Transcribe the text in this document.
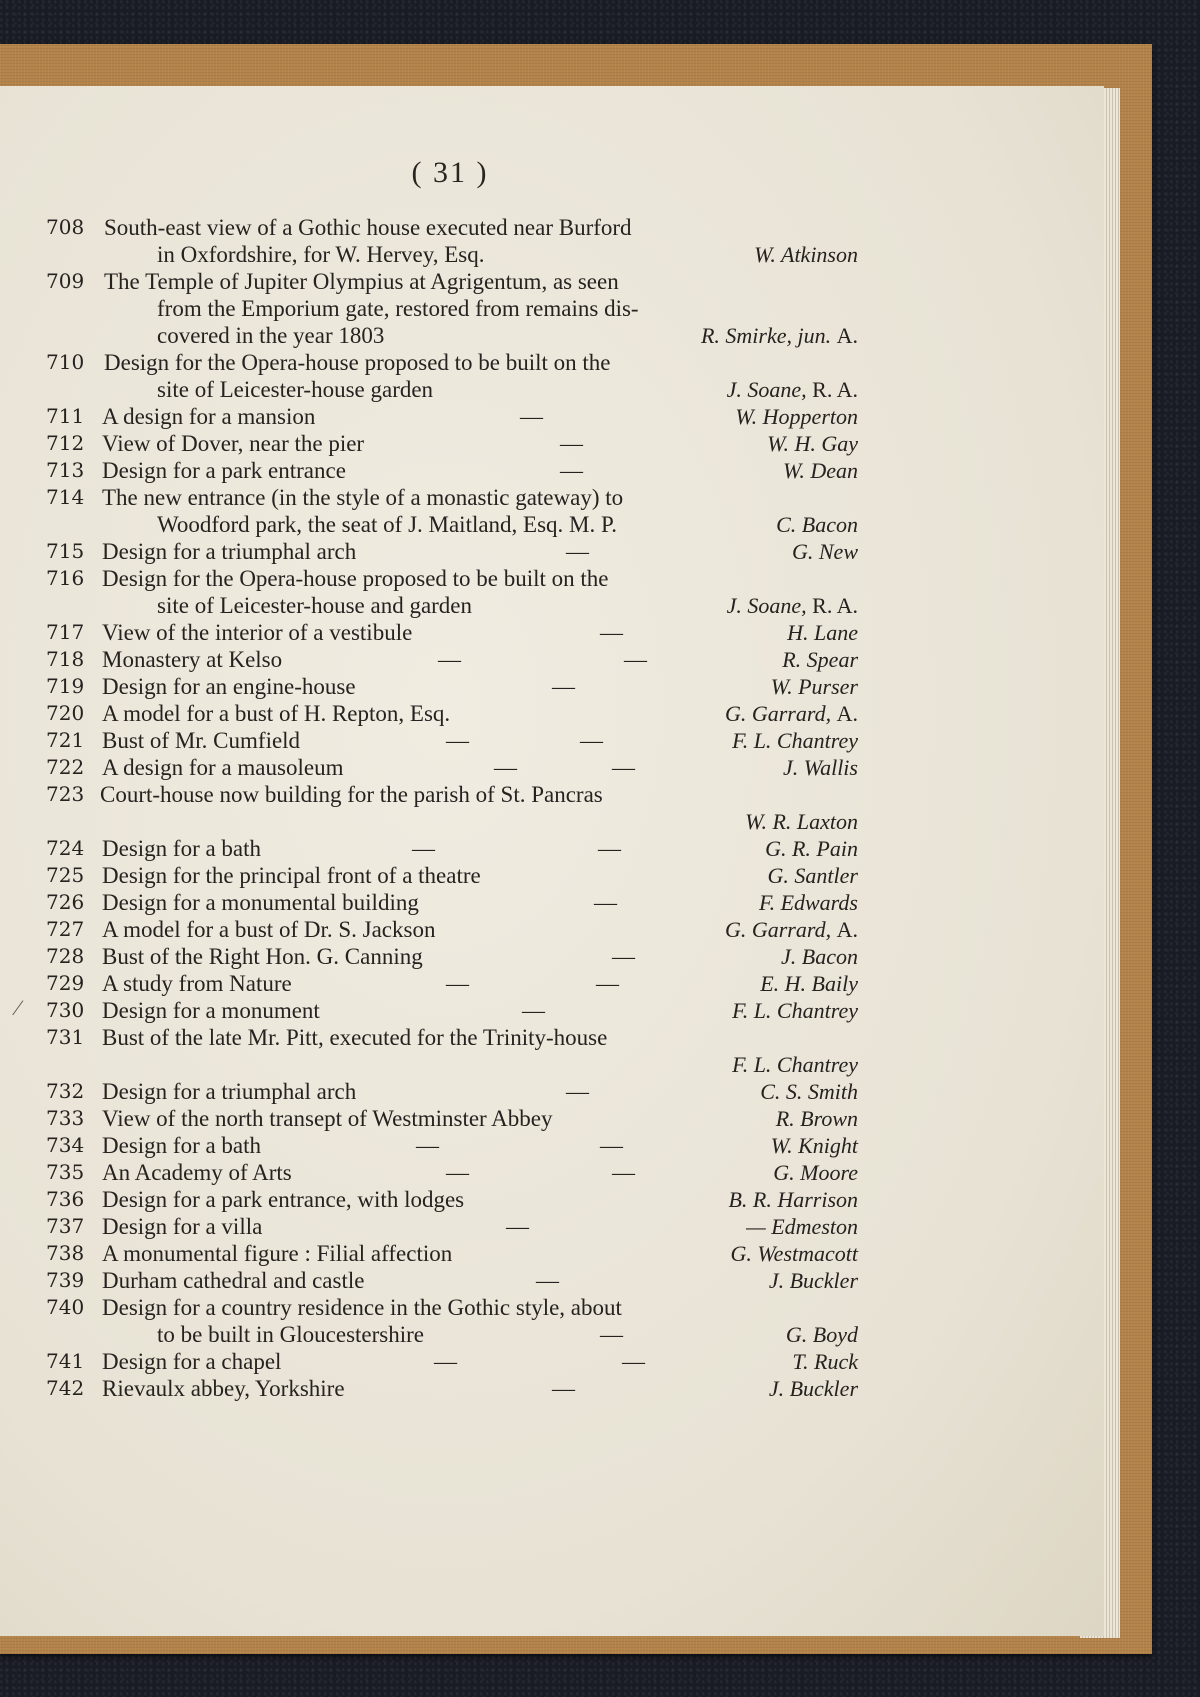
( 31 )
708 South-east view of a Gothic house executed near Burford
in Oxfordshire, for W. Hervey, Esq.	W. Atkinson
709 The Temple of Jupiter Olympius at Agrigentum, as seen
from the Emporium gate, restored from remains dis-
covered in the year 1803	R. Smirke, jun. A.
710 Design for the Opera-house proposed to be built on the
site of Leicester-house garden	J. Soane, R. A.
711 A design for a mansion	—	W. Hopperton
712 View of Dover, near the pier	—	W. H. Gay
713 Design for a park entrance	—	W. Dean
714 The new entrance (in the style of a monastic gateway) to
Woodford park, the seat of J. Maitland, Esq. M. P.	C. Bacon
715 Design for a triumphal arch	—	G. New
716 Design for the Opera-house proposed to be built on the
site of Leicester-house and garden	J. Soane, R. A.
717 View of the interior of a vestibule	—	H. Lane
718 Monastery at Kelso	—	—	R. Spear
719 Design for an engine-house	—	W. Purser
720 A model for a bust of H. Repton, Esq.	G. Garrard, A.
721 Bust of Mr. Cumfield	—	—	F. L. Chantrey
722 A design for a mausoleum	—	—	J. Wallis
723 Court-house now building for the parish of St. Pancras
W. R. Laxton
724 Design for a bath	—	—	G. R. Pain
725 Design for the principal front of a theatre	G. Santler
726 Design for a monumental building	—	F. Edwards
727 A model for a bust of Dr. S. Jackson	G. Garrard, A.
728 Bust of the Right Hon. G. Canning	—	J. Bacon
729 A study from Nature	—	—	E. H. Baily
∕ 730 Design for a monument	—	F. L. Chantrey
731 Bust of the late Mr. Pitt, executed for the Trinity-house
F. L. Chantrey
732 Design for a triumphal arch	—	C. S. Smith
733 View of the north transept of Westminster Abbey	R. Brown
734 Design for a bath	—	—	W. Knight
735 An Academy of Arts	—	—	G. Moore
736 Design for a park entrance, with lodges	B. R. Harrison
737 Design for a villa	—	— Edmeston
738 A monumental figure : Filial affection	G. Westmacott
739 Durham cathedral and castle	—	J. Buckler
740 Design for a country residence in the Gothic style, about
to be built in Gloucestershire	—	G. Boyd
741 Design for a chapel	—	—	T. Ruck
742 Rievaulx abbey, Yorkshire	—	J. Buckler
